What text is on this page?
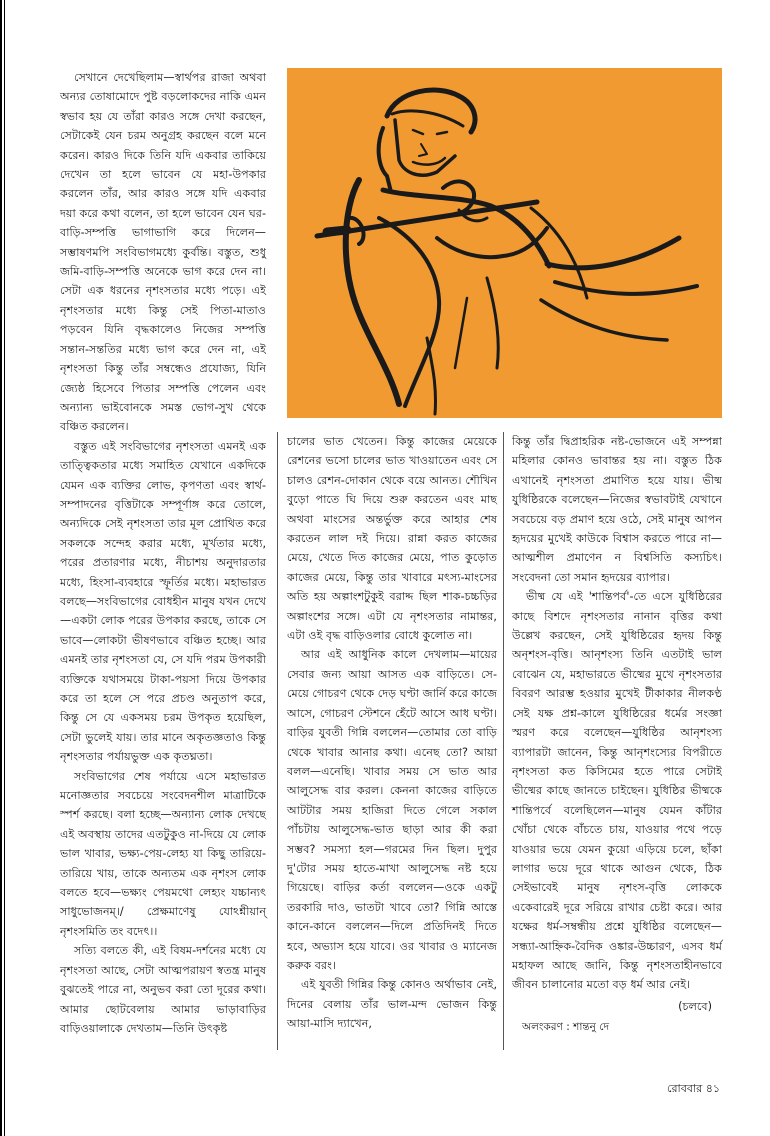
সেখানে দেখেছিলাম—স্বার্থপর রাজা অথবা অন্যর তোষামোদে পুষ্ট বড়লোকদের নাকি এমন স্বভাব হয় যে তাঁরা কারও সঙ্গে দেখা করছেন, সেটাকেই যেন চরম অনুগ্রহ করছেন বলে মনে করেন। কারও দিকে তিনি যদি একবার তাকিয়ে দেখেন তা হলে ভাবেন যে মহা-উপকার করলেন তাঁর, আর কারও সঙ্গে যদি একবার দয়া করে কথা বলেন, তা হলে ভাবেন যেন ঘর-বাড়ি-সম্পত্তি ভাগাভাগি করে দিলেন—সম্ভাষণমপি সংবিভাগমধ্যে কুর্বন্তি। বস্তুত, শুধু জমি-বাড়ি-সম্পত্তি অনেকে ভাগ করে দেন না। সেটা এক ধরনের নৃশংসতার মধ্যে পড়ে। এই নৃশংসতার মধ্যে কিন্তু সেই পিতা-মাতাও পড়বেন যিনি বৃদ্ধকালেও নিজের সম্পত্তি সন্তান-সন্ততির মধ্যে ভাগ করে দেন না, এই নৃশংসতা কিন্তু তাঁর সম্বন্ধেও প্রযোজ্য, যিনি জ্যেষ্ঠ হিসেবে পিতার সম্পত্তি পেলেন এবং অন্যান্য ভাইবোনকে সমস্ত ভোগ-সুখ থেকে বঞ্চিত করলেন।

বস্তুত এই সংবিভাগের নৃশংসতা এমনই এক তাত্ত্বিকতার মধ্যে সমাহিত যেখানে একদিকে যেমন এক ব্যক্তির লোভ, কৃপণতা এবং স্বার্থ-সম্পাদনের বৃত্তিটাকে সম্পূর্ণাঙ্গ করে তোলে, অন্যদিকে সেই নৃশংসতা তার মূল প্রোথিত করে সকলকে সন্দেহ করার মধ্যে, মূর্খতার মধ্যে, পরের প্রতারণার মধ্যে, নীচাশয় অনুদারতার মধ্যে, হিংসা-ব্যবহারে স্ফূর্তির মধ্যে। মহাভারত বলছে—সংবিভাগের বোধহীন মানুষ যখন দেখে—একটা লোক পরের উপকার করছে, তাকে সে ভাবে—লোকটা ভীষণভাবে বঞ্চিত হচ্ছে। আর এমনই তার নৃশংসতা যে, সে যদি পরম উপকারী ব্যক্তিকে যথাসময়ে টাকা-পয়সা দিয়ে উপকার করে তা হলে সে পরে প্রচণ্ড অনুতাপ করে, কিন্তু সে যে একসময় চরম উপকৃত হয়েছিল, সেটা ভুলেই যায়। তার মানে অকৃতজ্ঞতাও কিন্তু নৃশংসতার পর্যায়ভুক্ত এক কৃতঘ্নতা।

সংবিভাগের শেষ পর্যায়ে এসে মহাভারত মনোজ্ঞতার সবচেয়ে সংবেদনশীল মাত্রাটিকে স্পর্শ করছে। বলা হচ্ছে—অন্যান্য লোক দেখছে এই অবস্থায় তাদের এতটুকুও না-দিয়ে যে লোক ভাল খাবার, ভক্ষ্য-পেয়-লেহ্য যা কিছু তারিয়ে-তারিয়ে খায়, তাকে অন্যতম এক নৃশংস লোক বলতে হবে—ভক্ষ্যং পেয়মথো লেহ্যং যচ্চান্যৎ সাধুভোজনম্‌।/ প্রেক্ষমাণেষু যোঽশ্নীয়ান্ নৃশংসমিতি তং বদেৎ।।

সত্যি বলতে কী, এই বিষম-দর্শনের মধ্যে যে নৃশংসতা আছে, সেটা আত্মপরায়ণ স্বতন্ত্র মানুষ বুঝতেই পারে না, অনুভব করা তো দূরের কথা। আমার ছোটবেলায় আমার ভাড়াবাড়ির বাড়িওয়ালাকে দেখতাম—তিনি উৎকৃষ্ট

চালের ভাত খেতেন। কিন্তু কাজের মেয়েকে রেশনের ভসো চালের ভাত খাওয়াতেন এবং সে চালও রেশন-দোকান থেকে বয়ে আনত। শৌখিন বুড়ো পাতে ঘি দিয়ে শুরু করতেন এবং মাছ অথবা মাংসের অন্তর্ভুক্ত করে আহার শেষ করতেন লাল দই দিয়ে। রান্না করত কাজের মেয়ে, খেতে দিত কাজের মেয়ে, পাত কুড়োত কাজের মেয়ে, কিন্তু তার খাবারে মৎস্য-মাংসের অতি হয় অল্পাংশটুকুই বরাদ্দ ছিল শাক-চচ্চড়ির অল্পাংশের সঙ্গে। এটা যে নৃশংসতার নামান্তর, এটা ওই বৃদ্ধ বাড়িওলার বোধে কুলোত না।

আর এই আধুনিক কালে দেখলাম—মায়ের সেবার জন্য আয়া আসত এক বাড়িতে। সে-মেয়ে গোচরণ থেকে দেড় ঘণ্টা জার্নি করে কাজে আসে, গোচরণ স্টেশনে হেঁটে আসে আধ ঘণ্টা। বাড়ির যুবতী গিন্নি বললেন—তোমার তো বাড়ি থেকে খাবার আনার কথা। এনেছ তো? আয়া বলল—এনেছি। খাবার সময় সে ভাত আর আলুসেদ্ধ বার করল। কেননা কাজের বাড়িতে আটটার সময় হাজিরা দিতে গেলে সকাল পাঁচটায় আলুসেদ্ধ-ভাত ছাড়া আর কী করা সম্ভব? সমস্যা হল—গরমের দিন ছিল। দুপুর দু'টোর সময় হাতে-মাখা আলুসেদ্ধ নষ্ট হয়ে গিয়েছে। বাড়ির কর্তা বললেন—ওকে একটু তরকারি দাও, ভাতটা খাবে তো? গিন্নি আস্তে কানে-কানে বললেন—দিলে প্রতিদিনই দিতে হবে, অভ্যাস হয়ে যাবে। ওর খাবার ও ম্যানেজ করুক বরং।

এই যুবতী গিন্নির কিন্তু কোনও অর্থাভাব নেই, দিনের বেলায় তাঁর ভাল-মন্দ ভোজন কিন্তু আয়া-মাসি দ্যাখেন,

কিন্তু তাঁর দ্বিপ্রাহরিক নষ্ট-ভোজনে এই সম্পন্না মহিলার কোনও ভাবান্তর হয় না। বস্তুত ঠিক এখানেই নৃশংসতা প্রমাণিত হয়ে যায়। ভীষ্ম যুধিষ্ঠিরকে বলেছেন—নিজের স্বভাবটাই যেখানে সবচেয়ে বড় প্রমাণ হয়ে ওঠে, সেই মানুষ আপন হৃদয়ের মুখেই কাউকে বিশ্বাস করতে পারে না—আত্মশীল প্রমাণেন ন বিশ্বসিতি কস্যচিৎ। সংবেদনা তো সমান হৃদয়ের ব্যাপার।

ভীষ্ম যে এই 'শান্তিপর্ব'-তে এসে যুধিষ্ঠিরের কাছে বিশদে নৃশংসতার নানান বৃত্তির কথা উল্লেখ করছেন, সেই যুধিষ্ঠিরের হৃদয় কিন্তু অনৃশংস-বৃত্তি। আনৃশংস্য তিনি এতটাই ভাল বোঝেন যে, মহাভারতে ভীষ্মের মুখে নৃশংসতার বিবরণ আরম্ভ হওয়ার মুখেই টীকাকার নীলকণ্ঠ সেই যক্ষ প্রশ্ন-কালে যুধিষ্ঠিরের ধর্মের সংজ্ঞা স্মরণ করে বলেছেন—যুধিষ্ঠির আনৃশংস্য ব্যাপারটা জানেন, কিন্তু আনৃশংস্যের বিপরীতে নৃশংসতা কত কিসিমের হতে পারে সেটাই ভীষ্মের কাছে জানতে চাইছেন। যুধিষ্ঠির ভীষ্মকে শান্তিপর্বে বলেছিলেন—মানুষ যেমন কাঁটার খোঁচা থেকে বাঁচতে চায়, যাওয়ার পথে পড়ে যাওয়ার ভয়ে যেমন কুয়ো এড়িয়ে চলে, ছাঁকা লাগার ভয়ে দূরে থাকে আগুন থেকে, ঠিক সেইভাবেই মানুষ নৃশংস-বৃত্তি লোককে একেবারেই দূরে সরিয়ে রাখার চেষ্টা করে। আর যক্ষের ধর্ম-সম্বন্ধীয় প্রশ্নে যুধিষ্ঠির বলেছেন—সন্ধ্যা-আহ্নিক-বৈদিক ওঙ্কার-উচ্চারণ, এসব ধর্ম মহাফল আছে জানি, কিন্তু নৃশংসতাহীনভাবে জীবন চালানোর মতো বড় ধর্ম আর নেই।

(চলবে)
অলংকরণ : শান্তনু দে
রোববার ৪১
